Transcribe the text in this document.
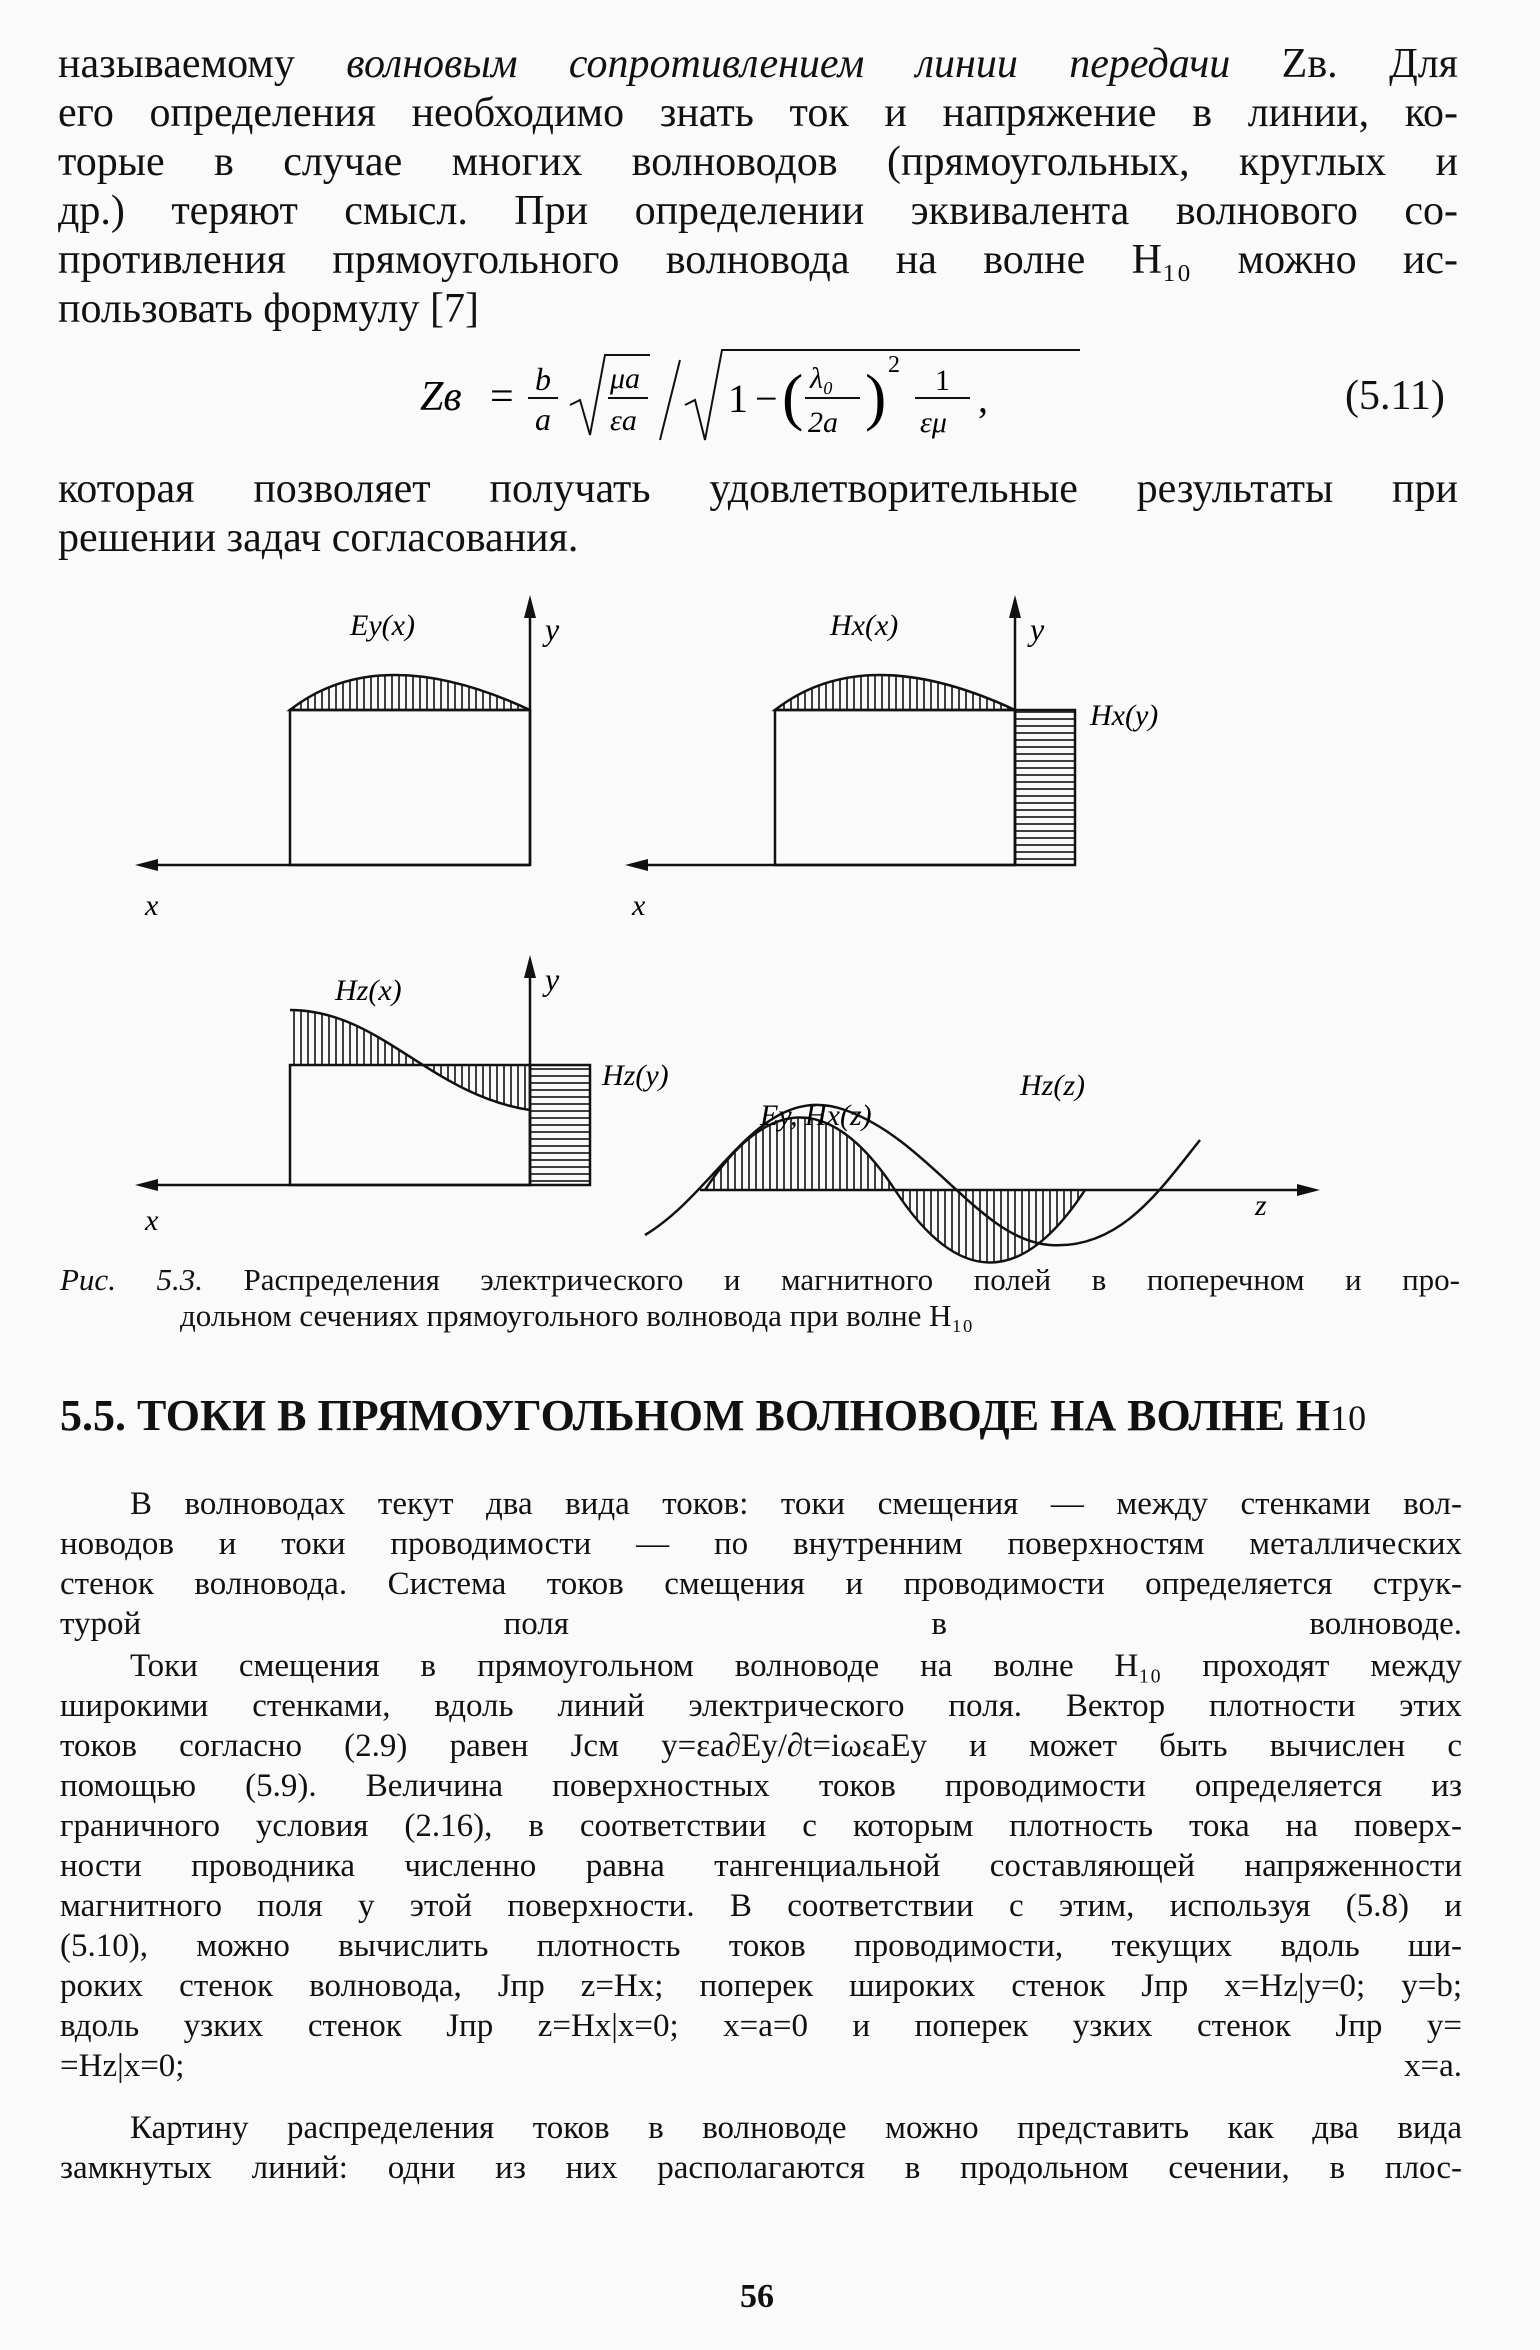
называемому волновым сопротивлением линии передачи Zв. Для
его определения необходимо знать ток и напряжение в линии, ко-
торые в случае многих волноводов (прямоугольных, круглых и
др.) теряют смысл. При определении эквивалента волнового со-
противления прямоугольного волновода на волне H₁₀ можно ис-
пользовать формулу [7]
Zв = b
a
μa
εa 1 − ( λ₀
2a ) 2 1
εμ
,	(5.11)
которая позволяет получать удовлетворительные результаты при
решении задач согласования.
Ey(x)	y
x
Hx(x)	y
Hx(y)
x
Hz(x)	y
Hz(y)
x
Ey, Hx(z)
Hz(z)
z
Рис. 5.3. Распределения электрического и магнитного полей в поперечном и про-
дольном сечениях прямоугольного волновода при волне H₁₀
5.5. ТОКИ В ПРЯМОУГОЛЬНОМ ВОЛНОВОДЕ НА ВОЛНЕ H10
В волноводах текут два вида токов: токи смещения — между стенками вол-
новодов и токи проводимости — по внутренним поверхностям металлических
стенок волновода. Система токов смещения и проводимости определяется струк-
турой поля в волноводе.
Токи смещения в прямоугольном волноводе на волне H₁₀ проходят между
широкими стенками, вдоль линий электрического поля. Вектор плотности этих
токов согласно (2.9) равен Jсм y=εa∂Ey/∂t=iωεaEy и может быть вычислен с
помощью (5.9). Величина поверхностных токов проводимости определяется из
граничного условия (2.16), в соответствии с которым плотность тока на поверх-
ности проводника численно равна тангенциальной составляющей напряженности
магнитного поля у этой поверхности. В соответствии с этим, используя (5.8) и
(5.10), можно вычислить плотность токов проводимости, текущих вдоль ши-
роких стенок волновода, Jпр z=Hx; поперек широких стенок Jпр x=Hz|y=0; y=b;
вдоль узких стенок Jпр z=Hx|x=0; x=a=0 и поперек узких стенок Jпр y=
=Hz|x=0; x=a.
Картину распределения токов в волноводе можно представить как два вида
замкнутых линий: одни из них располагаются в продольном сечении, в плос-
56
